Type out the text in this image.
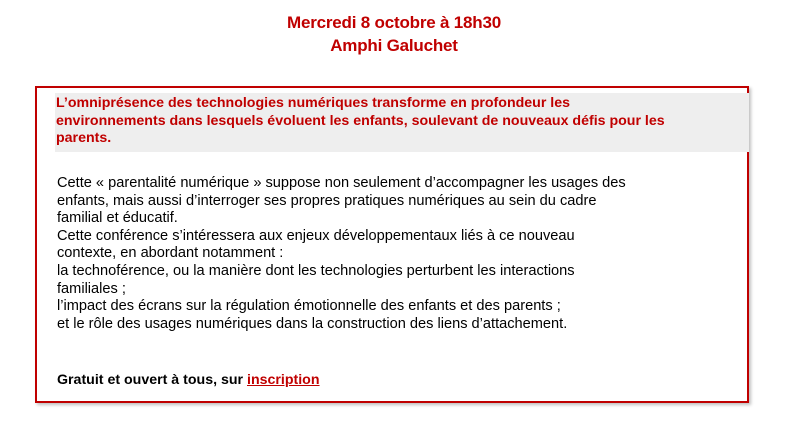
Mercredi 8 octobre à 18h30
Amphi Galuchet
L’omniprésence des technologies numériques transforme en profondeur les
environnements dans lesquels évoluent les enfants, soulevant de nouveaux défis pour les
parents.
Cette « parentalité numérique » suppose non seulement d’accompagner les usages des
enfants, mais aussi d’interroger ses propres pratiques numériques au sein du cadre
familial et éducatif.
Cette conférence s’intéressera aux enjeux développementaux liés à ce nouveau
contexte, en abordant notamment :
la technoférence, ou la manière dont les technologies perturbent les interactions
familiales ;
l’impact des écrans sur la régulation émotionnelle des enfants et des parents ;
et le rôle des usages numériques dans la construction des liens d’attachement.
Gratuit et ouvert à tous, sur inscription
